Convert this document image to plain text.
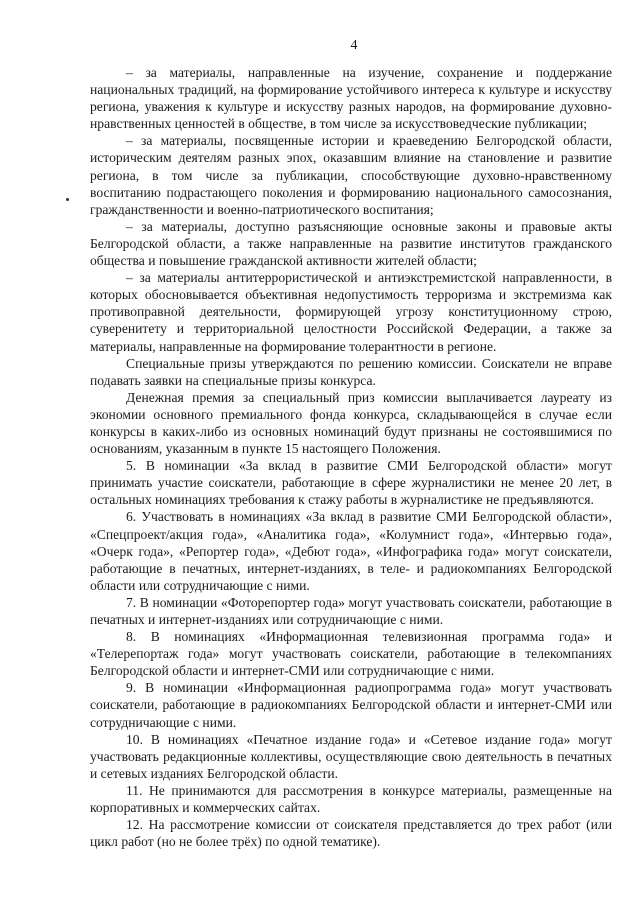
4

– за материалы, направленные на изучение, сохранение и поддержание национальных традиций, на формирование устойчивого интереса к культуре и искусству региона, уважения к культуре и искусству разных народов, на формирование духовно-нравственных ценностей в обществе, в том числе за искусствоведческие публикации;

– за материалы, посвященные истории и краеведению Белгородской области, историческим деятелям разных эпох, оказавшим влияние на становление и развитие региона, в том числе за публикации, способствующие духовно-нравственному воспитанию подрастающего поколения и формированию национального самосознания, гражданственности и военно-патриотического воспитания;

– за материалы, доступно разъясняющие основные законы и правовые акты Белгородской области, а также направленные на развитие институтов гражданского общества и повышение гражданской активности жителей области;

– за материалы антитеррористической и антиэкстремистской направленности, в которых обосновывается объективная недопустимость терроризма и экстремизма как противоправной деятельности, формирующей угрозу конституционному строю, суверенитету и территориальной целостности Российской Федерации, а также за материалы, направленные на формирование толерантности в регионе.

Специальные призы утверждаются по решению комиссии. Соискатели не вправе подавать заявки на специальные призы конкурса.

Денежная премия за специальный приз комиссии выплачивается лауреату из экономии основного премиального фонда конкурса, складывающейся в случае если конкурсы в каких-либо из основных номинаций будут признаны не состоявшимися по основаниям, указанным в пункте 15 настоящего Положения.

5. В номинации «За вклад в развитие СМИ Белгородской области» могут принимать участие соискатели, работающие в сфере журналистики не менее 20 лет, в остальных номинациях требования к стажу работы в журналистике не предъявляются.

6. Участвовать в номинациях «За вклад в развитие СМИ Белгородской области», «Спецпроект/акция года», «Аналитика года», «Колумнист года», «Интервью года», «Очерк года», «Репортер года», «Дебют года», «Инфографика года» могут соискатели, работающие в печатных, интернет-изданиях, в теле- и радиокомпаниях Белгородской области или сотрудничающие с ними.

7. В номинации «Фоторепортер года» могут участвовать соискатели, работающие в печатных и интернет-изданиях или сотрудничающие с ними.

8. В номинациях «Информационная телевизионная программа года» и «Телерепортаж года» могут участвовать соискатели, работающие в телекомпаниях Белгородской области и интернет-СМИ или сотрудничающие с ними.

9. В номинации «Информационная радиопрограмма года» могут участвовать соискатели, работающие в радиокомпаниях Белгородской области и интернет-СМИ или сотрудничающие с ними.

10. В номинациях «Печатное издание года» и «Сетевое издание года» могут участвовать редакционные коллективы, осуществляющие свою деятельность в печатных и сетевых изданиях Белгородской области.

11. Не принимаются для рассмотрения в конкурсе материалы, размещенные на корпоративных и коммерческих сайтах.

12. На рассмотрение комиссии от соискателя представляется до трех работ (или цикл работ (но не более трёх) по одной тематике).
